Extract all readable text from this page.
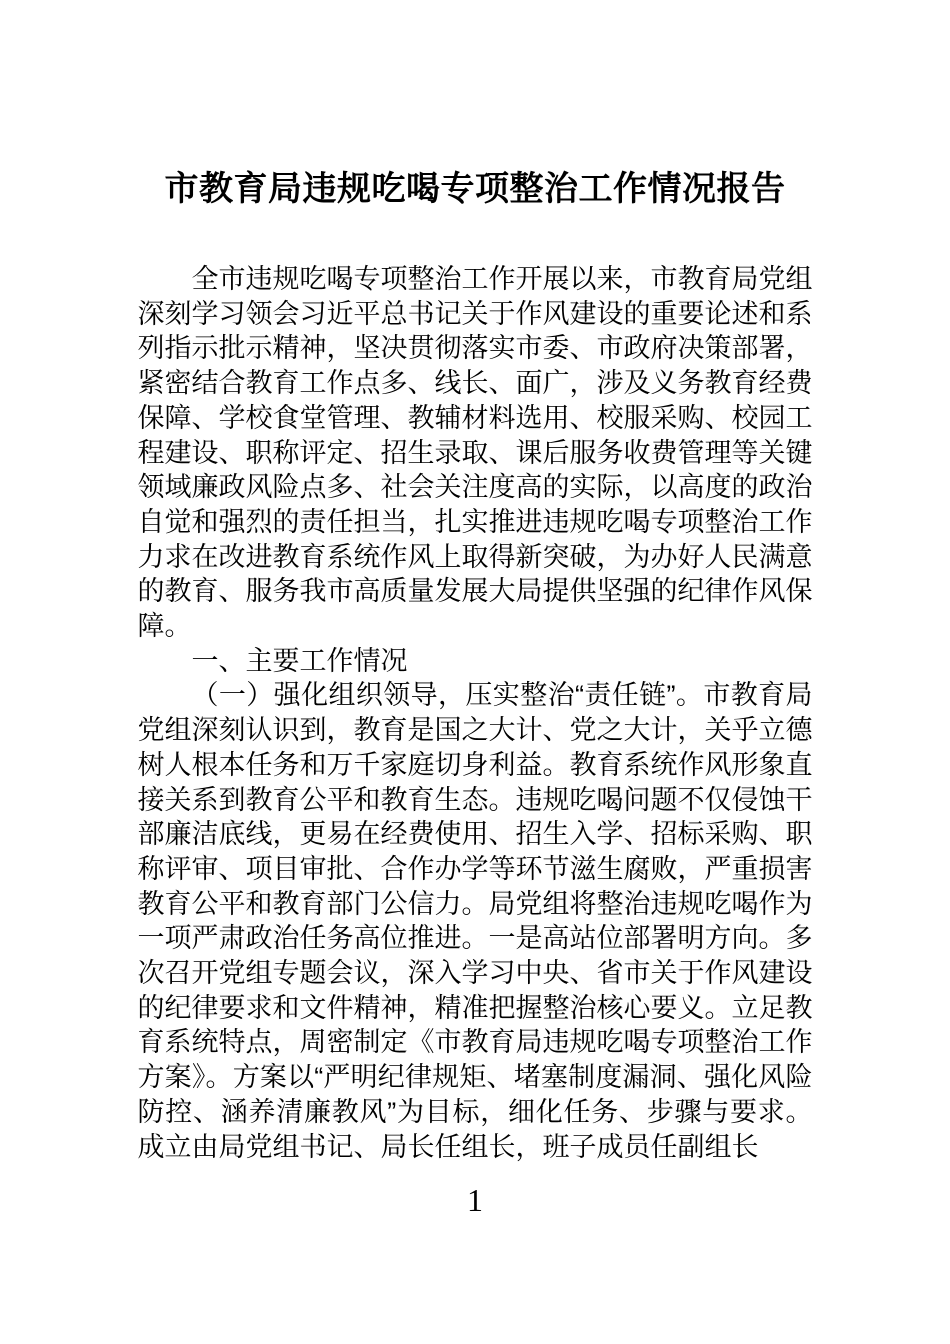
市教育局违规吃喝专项整治工作情况报告

全市违规吃喝专项整治工作开展以来，市教育局党组深刻学习领会习近平总书记关于作风建设的重要论述和系列指示批示精神，坚决贯彻落实市委、市政府决策部署，紧密结合教育工作点多、线长、面广，涉及义务教育经费保障、学校食堂管理、教辅材料选用、校服采购、校园工程建设、职称评定、招生录取、课后服务收费管理等关键领域廉政风险点多、社会关注度高的实际，以高度的政治自觉和强烈的责任担当，扎实推进违规吃喝专项整治工作力求在改进教育系统作风上取得新突破，为办好人民满意的教育、服务我市高质量发展大局提供坚强的纪律作风保障。

一、主要工作情况

（一）强化组织领导，压实整治“责任链”。市教育局党组深刻认识到，教育是国之大计、党之大计，关乎立德树人根本任务和万千家庭切身利益。教育系统作风形象直接关系到教育公平和教育生态。违规吃喝问题不仅侵蚀干部廉洁底线，更易在经费使用、招生入学、招标采购、职称评审、项目审批、合作办学等环节滋生腐败，严重损害教育公平和教育部门公信力。局党组将整治违规吃喝作为一项严肃政治任务高位推进。一是高站位部署明方向。多次召开党组专题会议，深入学习中央、省市关于作风建设的纪律要求和文件精神，精准把握整治核心要义。立足教育系统特点，周密制定《市教育局违规吃喝专项整治工作方案》。方案以“严明纪律规矩、堵塞制度漏洞、强化风险防控、涵养清廉教风”为目标，细化任务、步骤与要求。成立由局党组书记、局长任组长，班子成员任副组长

1
